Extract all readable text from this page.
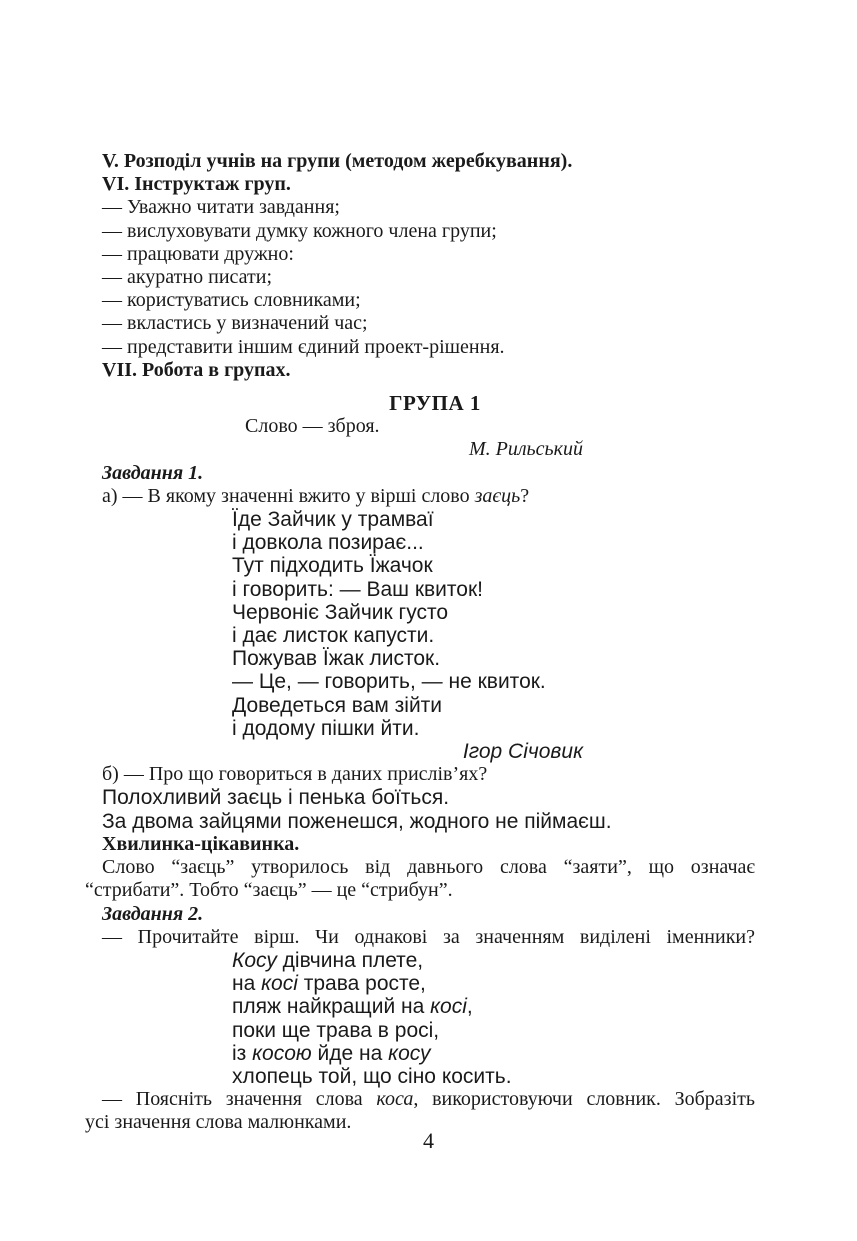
V. Розподіл учнів на групи (методом жеребкування).
VI. Інструктаж груп.
— Уважно читати завдання;
— вислуховувати думку кожного члена групи;
— працювати дружно:
— акуратно писати;
— користуватись словниками;
— вкластись у визначений час;
— представити іншим єдиний проект-рішення.
VII. Робота в групах.
ГРУПА 1
Слово — зброя.
М. Рильський
Завдання 1.
а) — В якому значенні вжито у вірші слово заєць?
Їде Зайчик у трамваї
і довкола позирає...
Тут підходить Їжачок
і говорить: — Ваш квиток!
Червоніє Зайчик густо
і дає листок капусти.
Пожував Їжак листок.
— Це, — говорить, — не квиток.
Доведеться вам зійти
і додому пішки йти.
Ігор Січовик
б) — Про що говориться в даних прислів’ях?
Полохливий заєць і пенька боїться.
За двома зайцями поженешся, жодного не піймаєш.
Хвилинка-цікавинка.
Слово “заєць” утворилось від давнього слова “заяти”, що означає
“стрибати”. Тобто “заєць” — це “стрибун”.
Завдання 2.
— Прочитайте вірш. Чи однакові за значенням виділені іменники?
Косу дівчина плете,
на косі трава росте,
пляж найкращий на косі,
поки ще трава в росі,
із косою йде на косу
хлопець той, що сіно косить.
— Поясніть значення слова коса, використовуючи словник. Зобразіть
усі значення слова малюнками.
4
